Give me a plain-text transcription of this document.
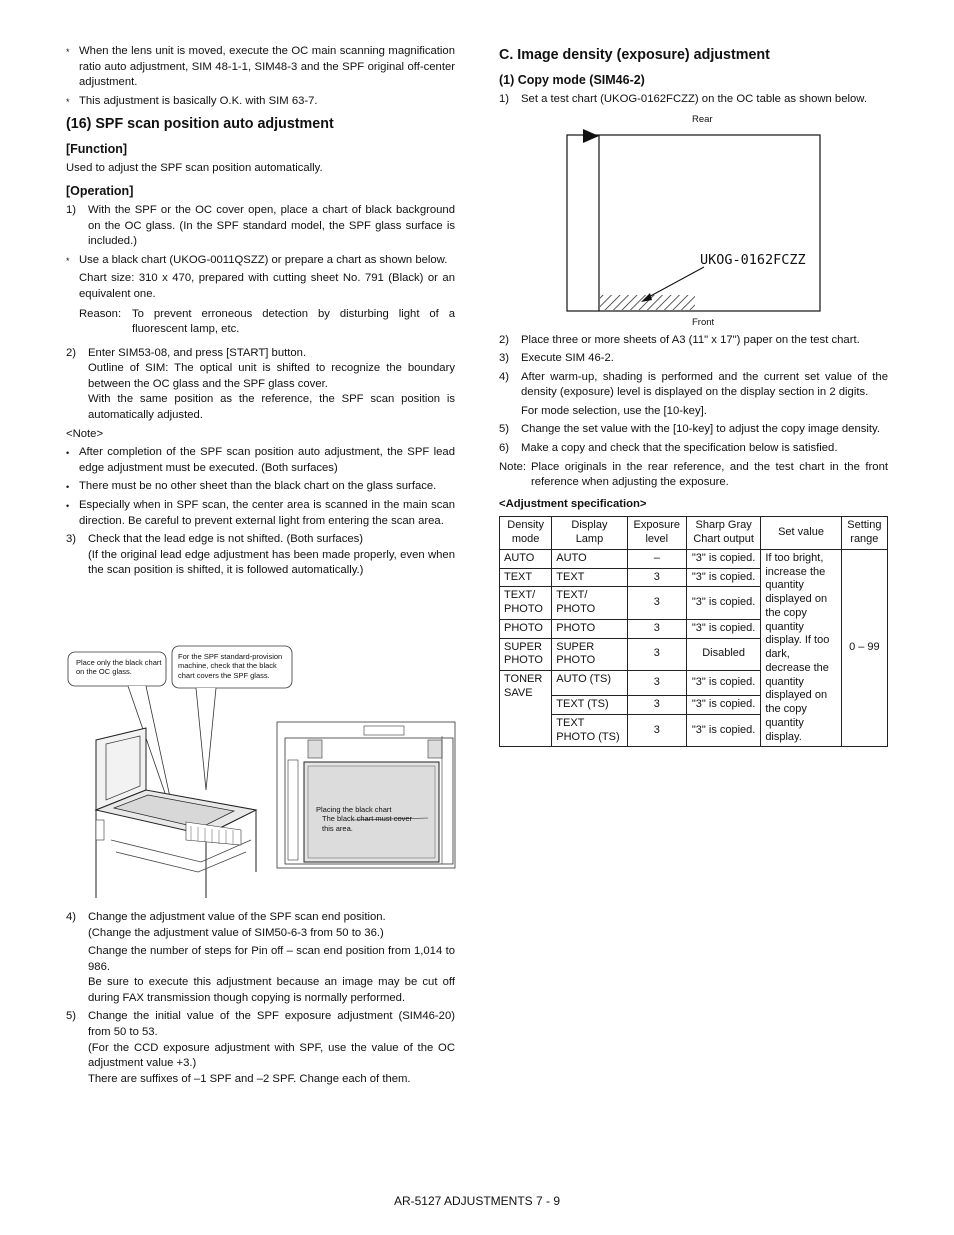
* When the lens unit is moved, execute the OC main scanning magnification ratio auto adjustment, SIM 48-1-1, SIM48-3 and the SPF original off-center adjustment.
* This adjustment is basically O.K. with SIM 63-7.
(16) SPF scan position auto adjustment
[Function]
Used to adjust the SPF scan position automatically.
[Operation]
1)	With the SPF or the OC cover open, place a chart of black background on the OC glass. (In the SPF standard model, the SPF glass surface is included.)
* Use a black chart (UKOG-0011QSZZ) or prepare a chart as shown below.
Chart size: 310 x 470, prepared with cutting sheet No. 791 (Black) or an equivalent one.
Reason: To prevent erroneous detection by disturbing light of a fluorescent lamp, etc.
2)	Enter SIM53-08, and press [START] button.
Outline of SIM: The optical unit is shifted to recognize the boundary between the OC glass and the SPF glass cover.
With the same position as the reference, the SPF scan position is automatically adjusted.
<Note>
• After completion of the SPF scan position auto adjustment, the SPF lead edge adjustment must be executed. (Both surfaces)
• There must be no other sheet than the black chart on the glass surface.
• Especially when in SPF scan, the center area is scanned in the main scan direction. Be careful to prevent external light from entering the scan area.
3)	Check that the lead edge is not shifted. (Both surfaces)
(If the original lead edge adjustment has been made properly, even when the scan position is shifted, it is followed automatically.)
Place only the black chart on the OC glass.
For the SPF standard-provision machine, check that the black chart covers the SPF glass.
Placing the black chart
The black chart must cover
this area.
4)	Change the adjustment value of the SPF scan end position.
(Change the adjustment value of SIM50-6-3 from 50 to 36.)
Change the number of steps for Pin off – scan end position from 1,014 to 986.
Be sure to execute this adjustment because an image may be cut off during FAX transmission though copying is normally performed.
5)	Change the initial value of the SPF exposure adjustment (SIM46-20) from 50 to 53.
(For the CCD exposure adjustment with SPF, use the value of the OC adjustment value +3.)
There are suffixes of –1 SPF and –2 SPF. Change each of them.
C. Image density (exposure) adjustment
(1) Copy mode (SIM46-2)
1)	Set a test chart (UKOG-0162FCZZ) on the OC table as shown below.
Rear
UKOG-0162FCZZ
Front
2)	Place three or more sheets of A3 (11" x 17") paper on the test chart.
3)	Execute SIM 46-2.
4)	After warm-up, shading is performed and the current set value of the density (exposure) level is displayed on the display section in 2 digits.
For mode selection, use the [10-key].
5)	Change the set value with the [10-key] to adjust the copy image density.
6)	Make a copy and check that the specification below is satisfied.
Note: Place originals in the rear reference, and the test chart in the front reference when adjusting the exposure.
<Adjustment specification>
Density mode	Display Lamp	Exposure level	Sharp Gray Chart output	Set value	Setting range
AUTO	AUTO	–	"3" is copied.	If too bright, increase the quantity displayed on the copy quantity display. If too dark, decrease the quantity displayed on the copy quantity display.	0 – 99
TEXT	TEXT	3	"3" is copied.		
TEXT/ PHOTO	TEXT/ PHOTO	3	"3" is copied.		
PHOTO	PHOTO	3	"3" is copied.		
SUPER PHOTO	SUPER PHOTO	3	Disabled		
TONER SAVE	AUTO (TS)	3	"3" is copied.		
	TEXT (TS)	3	"3" is copied.		
	TEXT PHOTO (TS)	3	"3" is copied.		
AR-5127 ADJUSTMENTS 7 - 9
